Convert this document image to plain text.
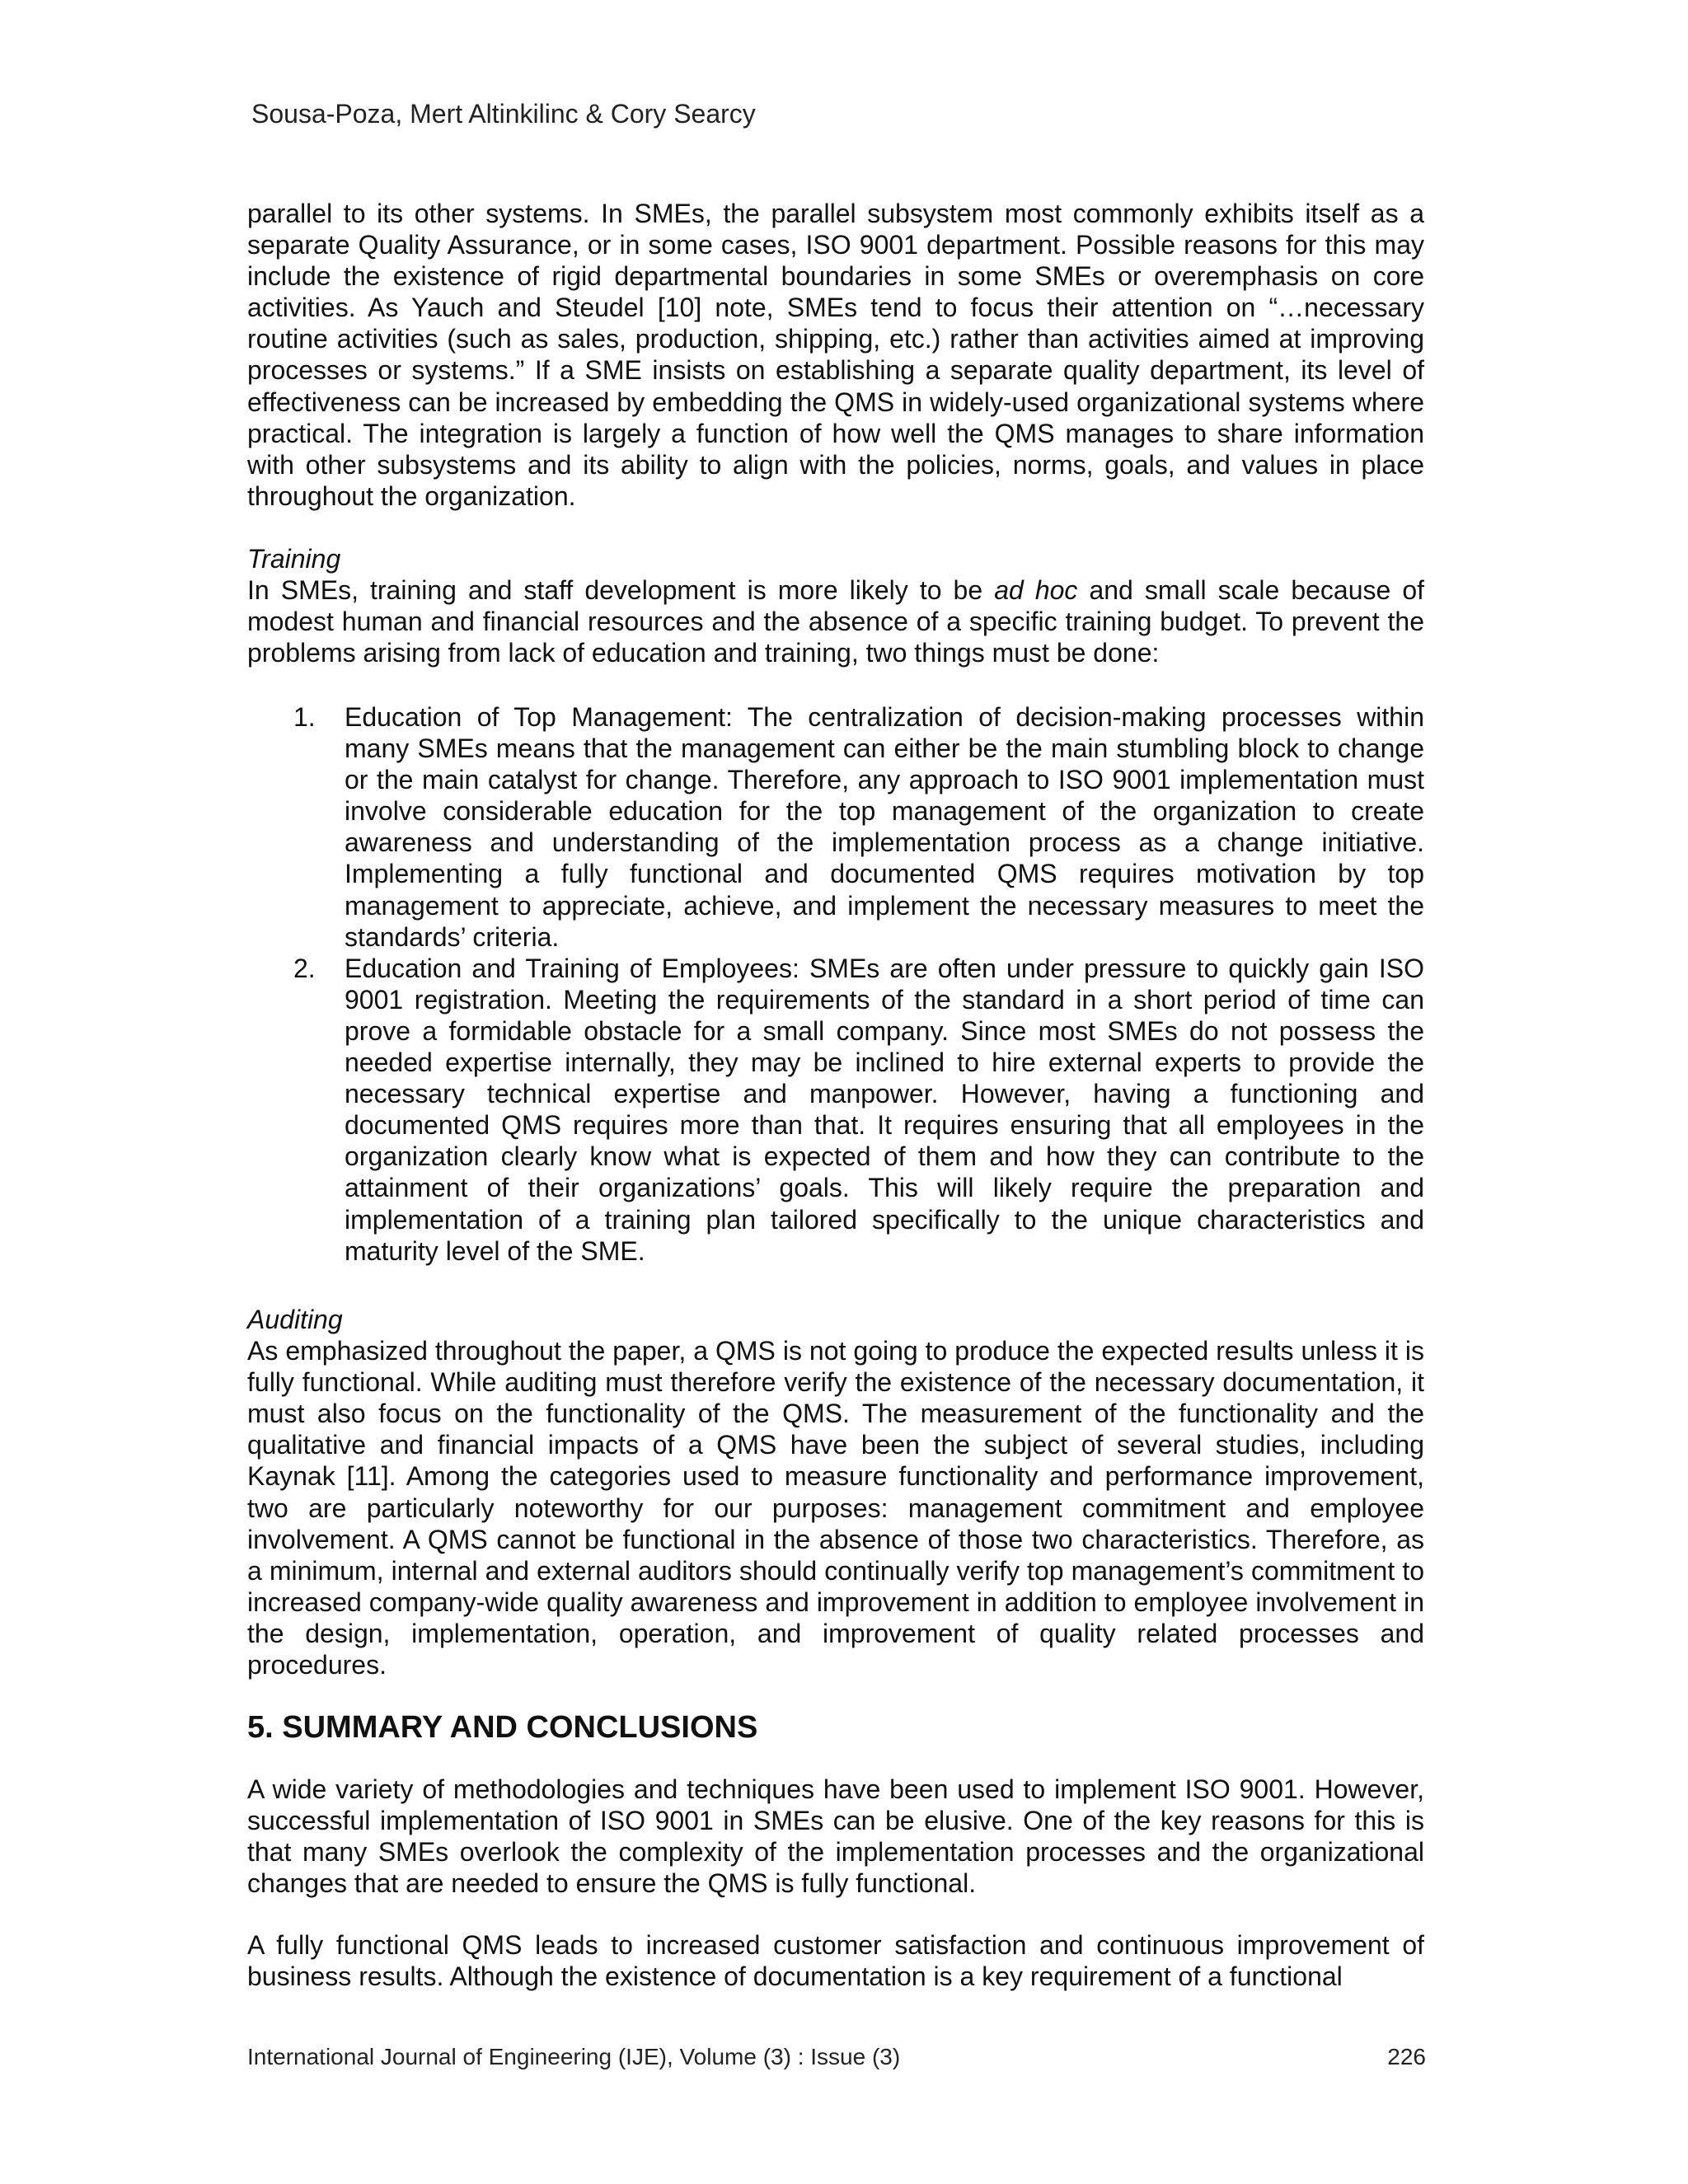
Sousa-Poza, Mert Altinkilinc & Cory Searcy

parallel to its other systems. In SMEs, the parallel subsystem most commonly exhibits itself as a separate Quality Assurance, or in some cases, ISO 9001 department. Possible reasons for this may include the existence of rigid departmental boundaries in some SMEs or overemphasis on core activities. As Yauch and Steudel [10] note, SMEs tend to focus their attention on “…necessary routine activities (such as sales, production, shipping, etc.) rather than activities aimed at improving processes or systems.” If a SME insists on establishing a separate quality department, its level of effectiveness can be increased by embedding the QMS in widely-used organizational systems where practical. The integration is largely a function of how well the QMS manages to share information with other subsystems and its ability to align with the policies, norms, goals, and values in place throughout the organization.

Training

In SMEs, training and staff development is more likely to be ad hoc and small scale because of modest human and financial resources and the absence of a specific training budget. To prevent the problems arising from lack of education and training, two things must be done:

1. Education of Top Management: The centralization of decision-making processes within many SMEs means that the management can either be the main stumbling block to change or the main catalyst for change. Therefore, any approach to ISO 9001 implementation must involve considerable education for the top management of the organization to create awareness and understanding of the implementation process as a change initiative. Implementing a fully functional and documented QMS requires motivation by top management to appreciate, achieve, and implement the necessary measures to meet the standards’ criteria.
2. Education and Training of Employees: SMEs are often under pressure to quickly gain ISO 9001 registration. Meeting the requirements of the standard in a short period of time can prove a formidable obstacle for a small company. Since most SMEs do not possess the needed expertise internally, they may be inclined to hire external experts to provide the necessary technical expertise and manpower. However, having a functioning and documented QMS requires more than that. It requires ensuring that all employees in the organization clearly know what is expected of them and how they can contribute to the attainment of their organizations’ goals. This will likely require the preparation and implementation of a training plan tailored specifically to the unique characteristics and maturity level of the SME.

Auditing

As emphasized throughout the paper, a QMS is not going to produce the expected results unless it is fully functional. While auditing must therefore verify the existence of the necessary documentation, it must also focus on the functionality of the QMS. The measurement of the functionality and the qualitative and financial impacts of a QMS have been the subject of several studies, including Kaynak [11]. Among the categories used to measure functionality and performance improvement, two are particularly noteworthy for our purposes: management commitment and employee involvement. A QMS cannot be functional in the absence of those two characteristics. Therefore, as a minimum, internal and external auditors should continually verify top management’s commitment to increased company-wide quality awareness and improvement in addition to employee involvement in the design, implementation, operation, and improvement of quality related processes and procedures.

5. SUMMARY AND CONCLUSIONS

A wide variety of methodologies and techniques have been used to implement ISO 9001. However, successful implementation of ISO 9001 in SMEs can be elusive. One of the key reasons for this is that many SMEs overlook the complexity of the implementation processes and the organizational changes that are needed to ensure the QMS is fully functional.

A fully functional QMS leads to increased customer satisfaction and continuous improvement of business results. Although the existence of documentation is a key requirement of a functional

International Journal of Engineering (IJE), Volume (3) : Issue (3)	226
